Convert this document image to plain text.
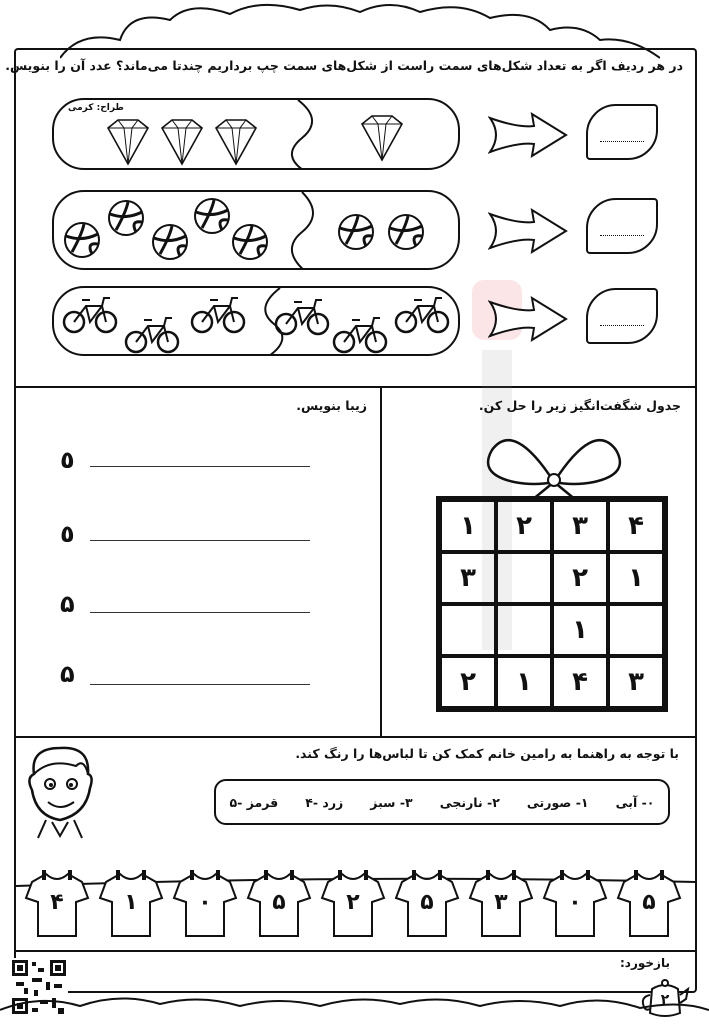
در هر ردیف اگر به تعداد شکل‌های سمت راست از شکل‌های سمت چپ برداریم چندتا می‌ماند؟ عدد آن را بنویس.
طراح: کرمی
زیبا بنویس.
٥
٥
۵
۵
جدول شگفت‌انگیز زیر را حل کن.
۴
۳
۲
۱
۱
۲
۳
۱
۳
۴
۱
۲
با توجه به راهنما به رامین خانم کمک کن تا لباس‌ها را رنگ کند.
٠- آبی
١- صورتی
٢- نارنجی
٣- سبز
۴- زرد
۵- قرمز
۵
٠
۳
۵
۲
۵
٠
١
۴
بازخورد:
۲
